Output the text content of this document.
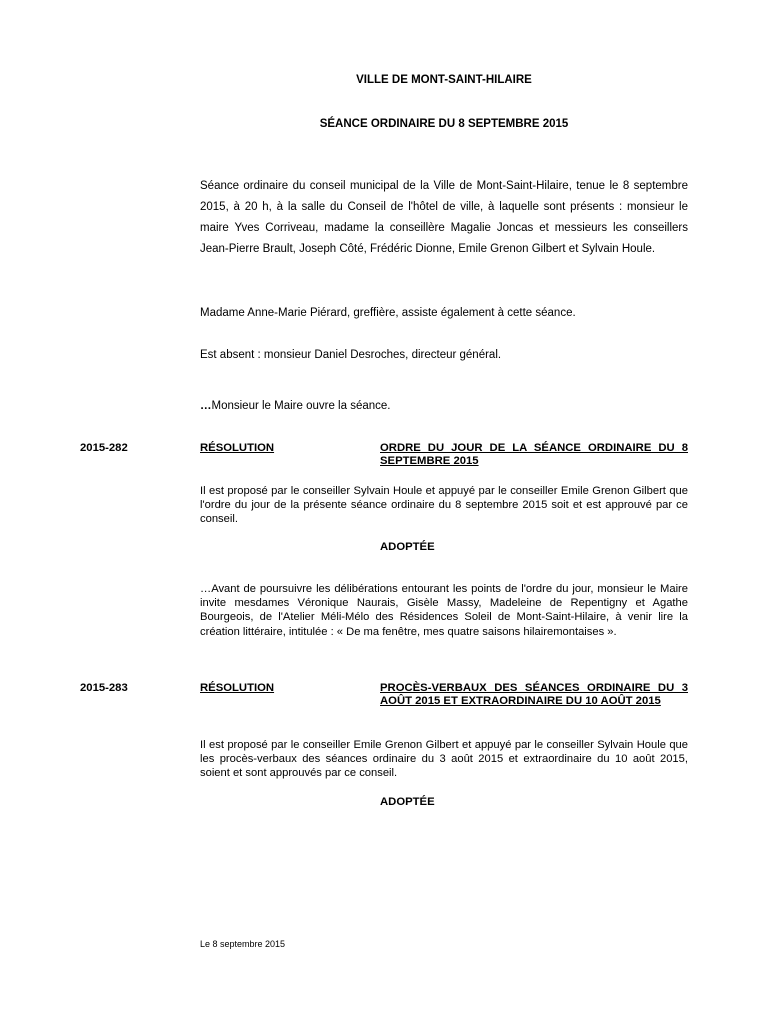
VILLE DE MONT-SAINT-HILAIRE
SÉANCE ORDINAIRE DU 8 SEPTEMBRE 2015
Séance ordinaire du conseil municipal de la Ville de Mont-Saint-Hilaire, tenue le 8 septembre 2015, à 20 h, à la salle du Conseil de l'hôtel de ville, à laquelle sont présents : monsieur le maire Yves Corriveau, madame la conseillère Magalie Joncas et messieurs les conseillers Jean-Pierre Brault, Joseph Côté, Frédéric Dionne, Emile Grenon Gilbert et Sylvain Houle.
Madame Anne-Marie Piérard, greffière, assiste également à cette séance.
Est absent : monsieur Daniel Desroches, directeur général.
…Monsieur le Maire ouvre la séance.
2015-282	RÉSOLUTION	ORDRE DU JOUR DE LA SÉANCE ORDINAIRE DU 8 SEPTEMBRE 2015
Il est proposé par le conseiller Sylvain Houle et appuyé par le conseiller Emile Grenon Gilbert que l'ordre du jour de la présente séance ordinaire du 8 septembre 2015 soit et est approuvé par ce conseil.
ADOPTÉE
…Avant de poursuivre les délibérations entourant les points de l'ordre du jour, monsieur le Maire invite mesdames Véronique Naurais, Gisèle Massy, Madeleine de Repentigny et Agathe Bourgeois, de l'Atelier Méli-Mélo des Résidences Soleil de Mont-Saint-Hilaire, à venir lire la création littéraire, intitulée : « De ma fenêtre, mes quatre saisons hilairemontaises ».
2015-283	RÉSOLUTION	PROCÈS-VERBAUX DES SÉANCES ORDINAIRE DU 3 AOÛT 2015 ET EXTRAORDINAIRE DU 10 AOÛT 2015
Il est proposé par le conseiller Emile Grenon Gilbert et appuyé par le conseiller Sylvain Houle que les procès-verbaux des séances ordinaire du 3 août 2015 et extraordinaire du 10 août 2015, soient et sont approuvés par ce conseil.
ADOPTÉE
Le 8 septembre 2015
